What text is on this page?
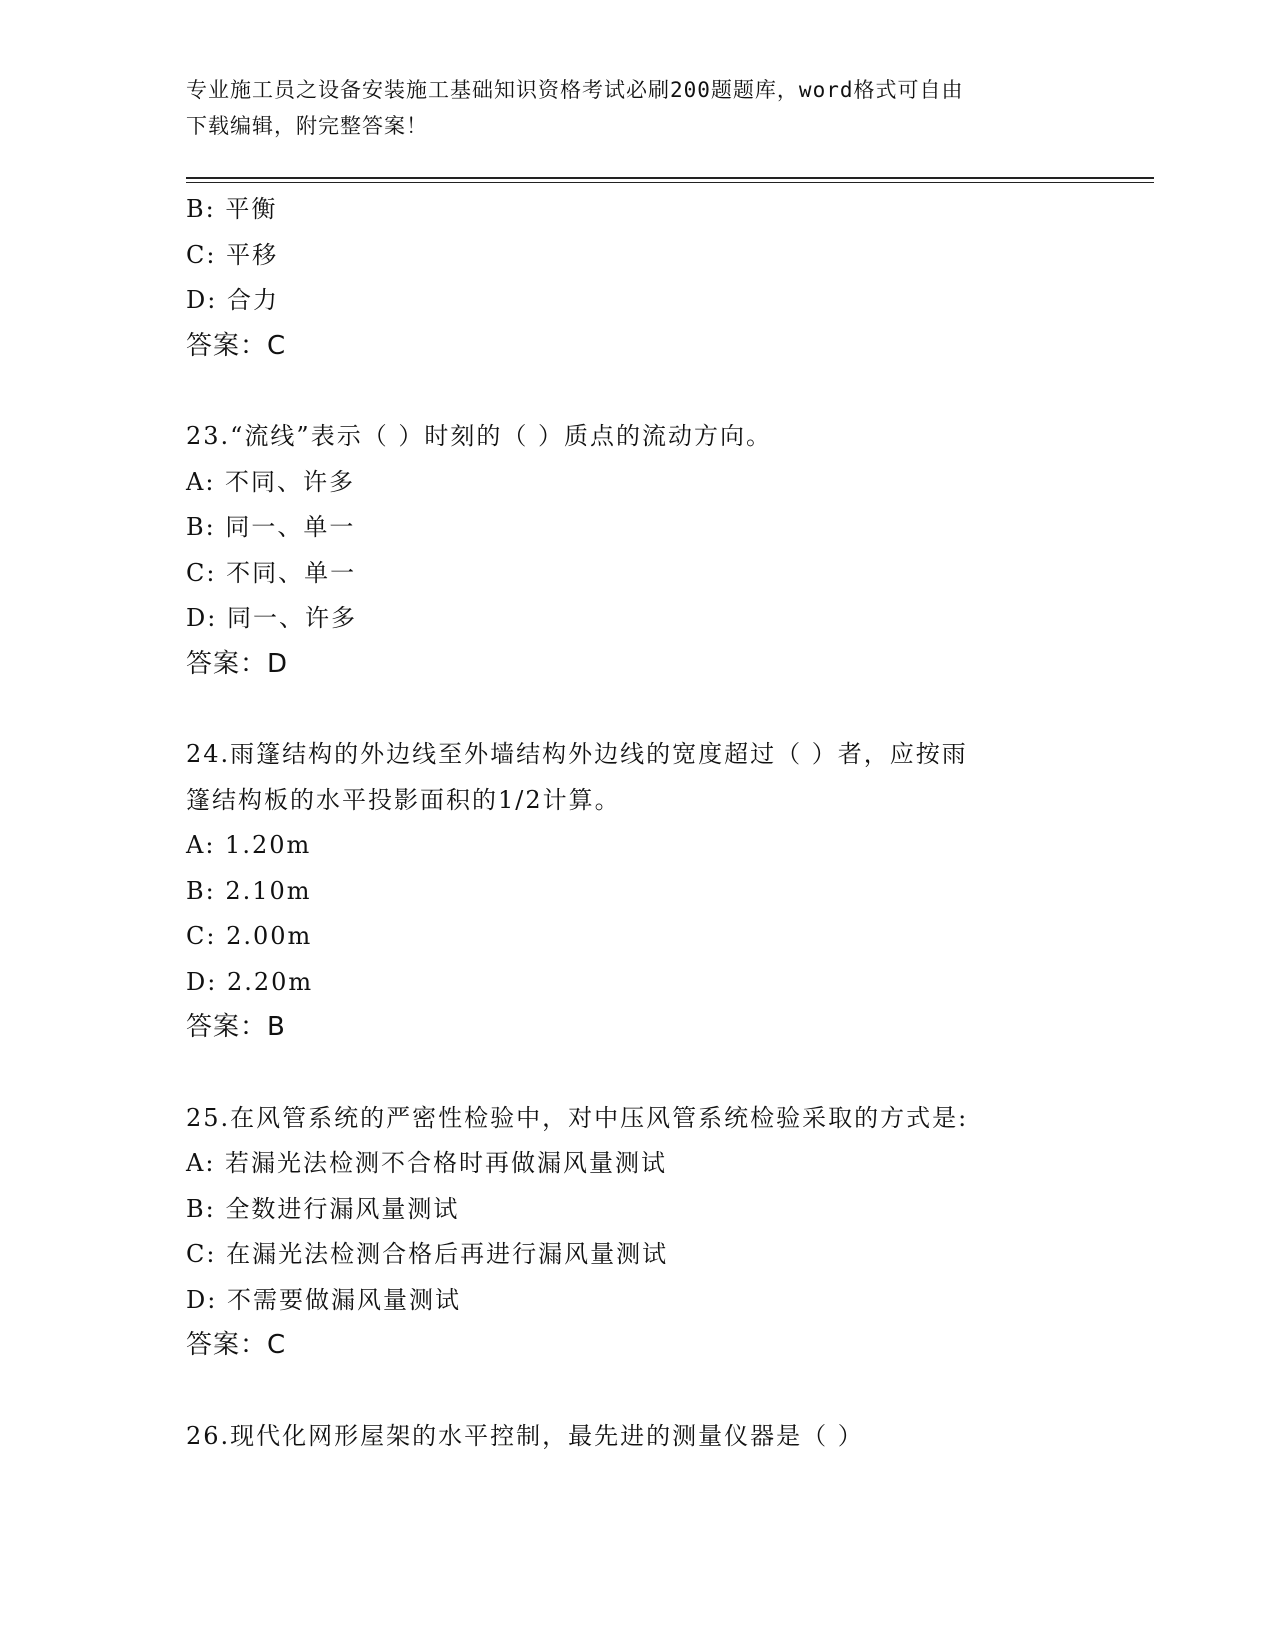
专业施工员之设备安装施工基础知识资格考试必刷200题题库，word格式可自由
下载编辑，附完整答案！
B: 平衡
C: 平移
D: 合力
答案：C
23.“流线”表示（ ）时刻的（ ）质点的流动方向。
A: 不同、许多
B: 同一、单一
C: 不同、单一
D: 同一、许多
答案：D
24.雨篷结构的外边线至外墙结构外边线的宽度超过（ ）者，应按雨
篷结构板的水平投影面积的1/2计算。
A: 1.20m
B: 2.10m
C: 2.00m
D: 2.20m
答案：B
25.在风管系统的严密性检验中，对中压风管系统检验采取的方式是:
A: 若漏光法检测不合格时再做漏风量测试
B: 全数进行漏风量测试
C: 在漏光法检测合格后再进行漏风量测试
D: 不需要做漏风量测试
答案：C
26.现代化网形屋架的水平控制，最先进的测量仪器是（ ）
